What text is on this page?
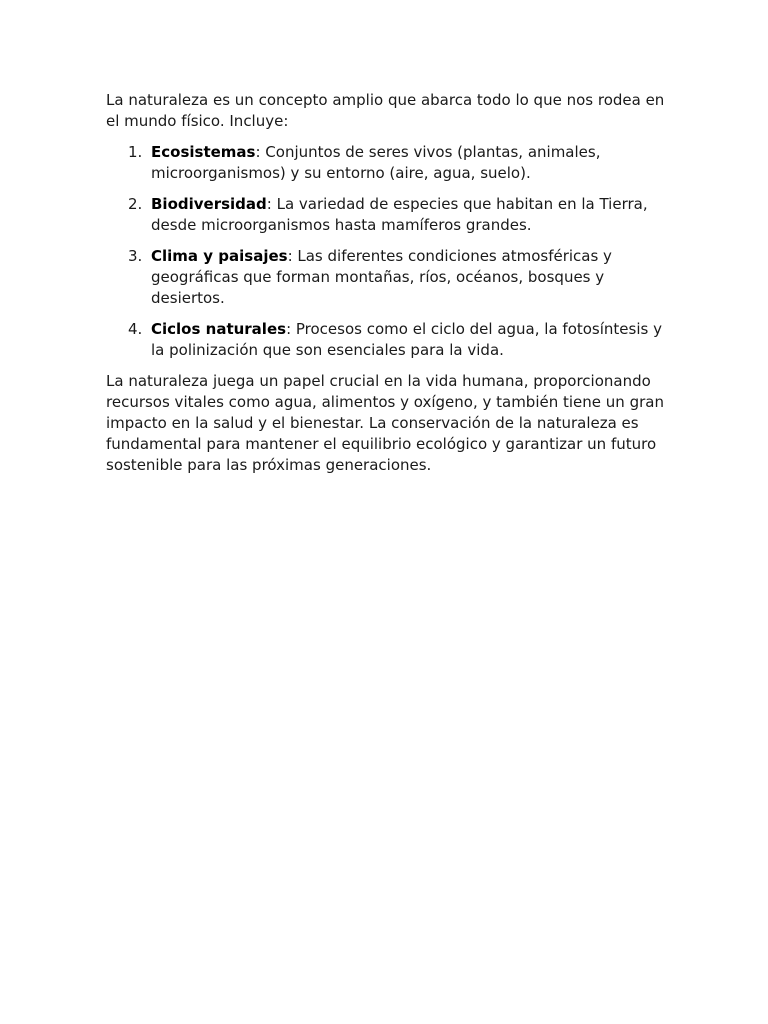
La naturaleza es un concepto amplio que abarca todo lo que nos rodea en el mundo físico. Incluye:

1. Ecosistemas: Conjuntos de seres vivos (plantas, animales, microorganismos) y su entorno (aire, agua, suelo).
2. Biodiversidad: La variedad de especies que habitan en la Tierra, desde microorganismos hasta mamíferos grandes.
3. Clima y paisajes: Las diferentes condiciones atmosféricas y geográficas que forman montañas, ríos, océanos, bosques y desiertos.
4. Ciclos naturales: Procesos como el ciclo del agua, la fotosíntesis y la polinización que son esenciales para la vida.

La naturaleza juega un papel crucial en la vida humana, proporcionando recursos vitales como agua, alimentos y oxígeno, y también tiene un gran impacto en la salud y el bienestar. La conservación de la naturaleza es fundamental para mantener el equilibrio ecológico y garantizar un futuro sostenible para las próximas generaciones.
